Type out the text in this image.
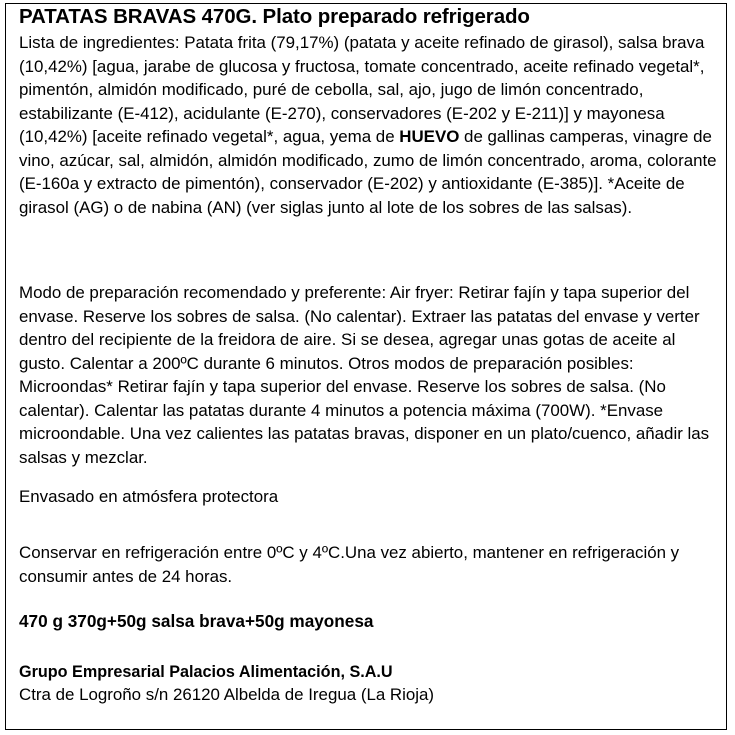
PATATAS BRAVAS 470G. Plato preparado refrigerado

Lista de ingredientes: Patata frita (79,17%) (patata y aceite refinado de girasol), salsa brava (10,42%) [agua, jarabe de glucosa y fructosa, tomate concentrado, aceite refinado vegetal*, pimentón, almidón modificado, puré de cebolla, sal, ajo, jugo de limón concentrado, estabilizante (E-412), acidulante (E-270), conservadores (E-202 y E-211)] y mayonesa (10,42%) [aceite refinado vegetal*, agua, yema de HUEVO de gallinas camperas, vinagre de vino, azúcar, sal, almidón, almidón modificado, zumo de limón concentrado, aroma, colorante (E-160a y extracto de pimentón), conservador (E-202) y antioxidante (E-385)]. *Aceite de girasol (AG) o de nabina (AN) (ver siglas junto al lote de los sobres de las salsas).

Modo de preparación recomendado y preferente: Air fryer: Retirar fajín y tapa superior del envase. Reserve los sobres de salsa. (No calentar). Extraer las patatas del envase y verter dentro del recipiente de la freidora de aire. Si se desea, agregar unas gotas de aceite al gusto. Calentar a 200ºC durante 6 minutos. Otros modos de preparación posibles: Microondas* Retirar fajín y tapa superior del envase. Reserve los sobres de salsa. (No calentar). Calentar las patatas durante 4 minutos a potencia máxima (700W). *Envase microondable. Una vez calientes las patatas bravas, disponer en un plato/cuenco, añadir las salsas y mezclar.

Envasado en atmósfera protectora

Conservar en refrigeración entre 0ºC y 4ºC.Una vez abierto, mantener en refrigeración y consumir antes de 24 horas.

470 g 370g+50g salsa brava+50g mayonesa
Grupo Empresarial Palacios Alimentación, S.A.U
Ctra de Logroño s/n 26120 Albelda de Iregua (La Rioja)
